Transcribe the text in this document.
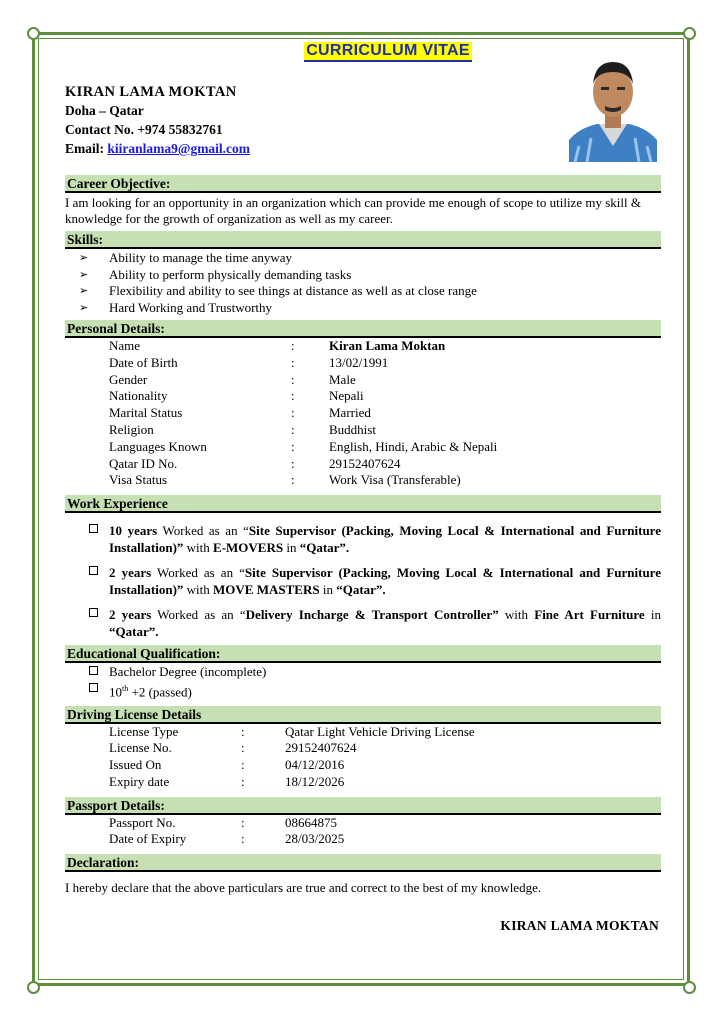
CURRICULUM VITAE
KIRAN LAMA MOKTAN
Doha – Qatar
Contact No. +974 55832761
Email: kiiranlama9@gmail.com
Career Objective:
I am looking for an opportunity in an organization which can provide me enough of scope to utilize my skill & knowledge for the growth of organization as well as my career.
Skills:
➢ Ability to manage the time anyway
➢ Ability to perform physically demanding tasks
➢ Flexibility and ability to see things at distance as well as at close range
➢ Hard Working and Trustworthy
Personal Details:
Name	:	Kiran Lama Moktan
Date of Birth	:	13/02/1991
Gender	:	Male
Nationality	:	Nepali
Marital Status	:	Married
Religion	:	Buddhist
Languages Known	:	English, Hindi, Arabic & Nepali
Qatar ID No.	:	29152407624
Visa Status	:	Work Visa (Transferable)
Work Experience
10 years Worked as an “Site Supervisor (Packing, Moving Local & International and Furniture Installation)” with E-MOVERS in “Qatar”.
2 years Worked as an “Site Supervisor (Packing, Moving Local & International and Furniture Installation)” with MOVE MASTERS in “Qatar”.
2 years Worked as an “Delivery Incharge & Transport Controller” with Fine Art Furniture in “Qatar”.
Educational Qualification:
Bachelor Degree (incomplete)
10th +2 (passed)
Driving License Details
License Type	:	Qatar Light Vehicle Driving License
License No.	:	29152407624
Issued On	:	04/12/2016
Expiry date	:	18/12/2026
Passport Details:
Passport No.	:	08664875
Date of Expiry	:	28/03/2025
Declaration:
I hereby declare that the above particulars are true and correct to the best of my knowledge.
KIRAN LAMA MOKTAN
